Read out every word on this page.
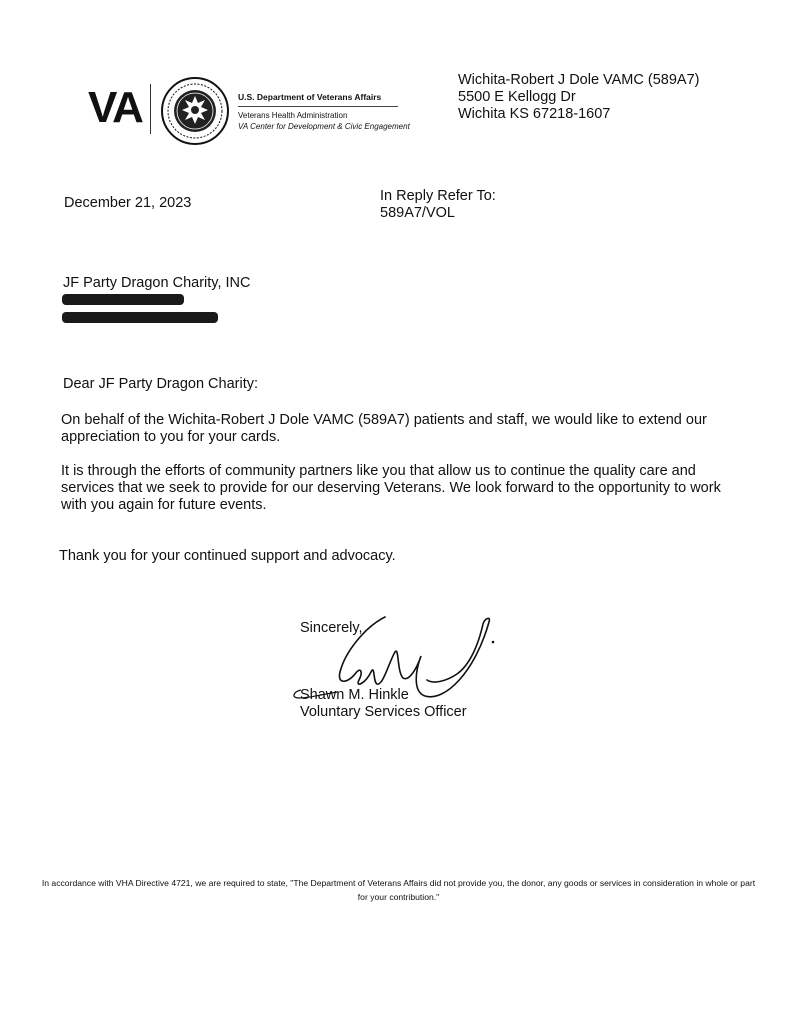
VA	U.S. Department of Veterans Affairs
Veterans Health Administration
VA Center for Development & Civic Engagement
Wichita-Robert J Dole VAMC (589A7)
5500 E Kellogg Dr
Wichita KS 67218-1607
December 21, 2023	In Reply Refer To:
589A7/VOL
JF Party Dragon Charity, INC
Dear JF Party Dragon Charity:
On behalf of the Wichita-Robert J Dole VAMC (589A7) patients and staff, we would like to extend our appreciation to you for your cards.
It is through the efforts of community partners like you that allow us to continue the quality care and services that we seek to provide for our deserving Veterans. We look forward to the opportunity to work with you again for future events.
Thank you for your continued support and advocacy.
Sincerely,
Shawn M. Hinkle
Voluntary Services Officer
In accordance with VHA Directive 4721, we are required to state, "The Department of Veterans Affairs did not provide you, the donor, any goods or services in consideration in whole or part for your contribution."
